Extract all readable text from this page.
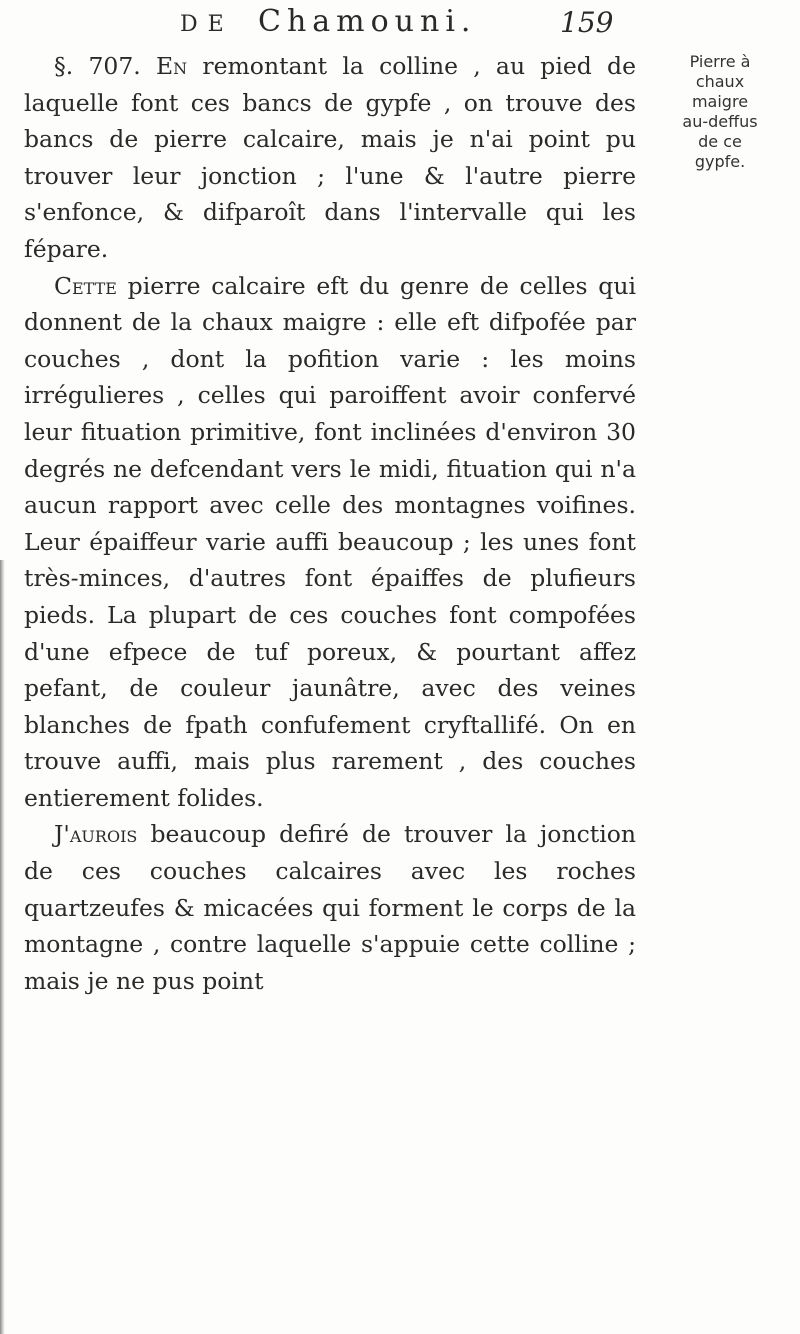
DE Chamouni.	159

§. 707. En remontant la colline , au pied de laquelle font ces bancs de gypfe , on trouve des bancs de pierre calcaire, mais je n'ai point pu trouver leur jonction ; l'une & l'autre pierre s'enfonce, & difparoît dans l'intervalle qui les fépare.

Cette pierre calcaire eft du genre de celles qui donnent de la chaux maigre : elle eft difpofée par couches , dont la pofition varie : les moins irrégulieres , celles qui paroiffent avoir confervé leur fituation primitive, font inclinées d'environ 30 degrés ne defcendant vers le midi, fituation qui n'a aucun rapport avec celle des montagnes voifines. Leur épaiffeur varie auffi beaucoup ; les unes font très-minces, d'autres font épaiffes de plufieurs pieds. La plupart de ces couches font compofées d'une efpece de tuf poreux, & pourtant affez pefant, de couleur jaunâtre, avec des veines blanches de fpath confufement cryftallifé. On en trouve auffi, mais plus rarement , des couches entierement folides.

J'aurois beaucoup defiré de trouver la jonction de ces couches calcaires avec les roches quartzeufes & micacées qui forment le corps de la montagne , contre laquelle s'appuie cette colline ; mais je ne pus point

Pierre à
chaux
maigre
au-deffus
de ce
gypfe.
